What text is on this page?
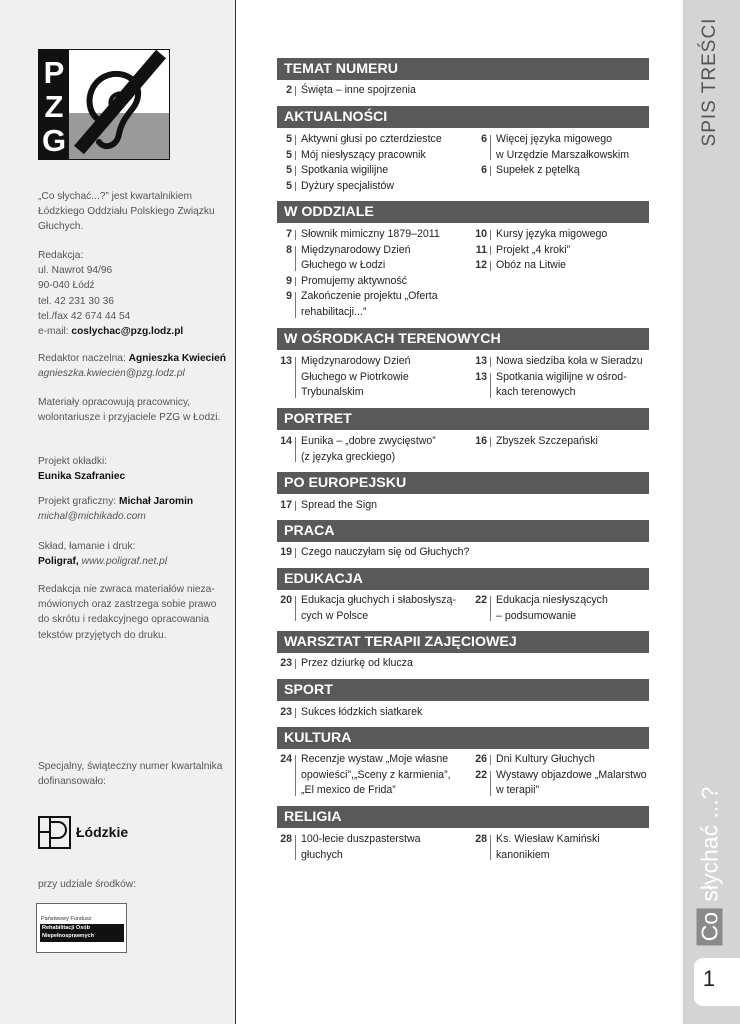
P
Z
G
„Co słychać...?” jest kwartalnikiem Łódzkiego Oddziału Polskiego Związku Głuchych.
Redakcja:
ul. Nawrot 94/96
90-040 Łódź
tel. 42 231 30 36
tel./fax 42 674 44 54
e-mail: coslychac@pzg.lodz.pl
Redaktor naczelna: Agnieszka Kwiecień
agnieszka.kwiecien@pzg.lodz.pl
Materiały opracowują pracownicy, wolontariusze i przyjaciele PZG w Łodzi.
Projekt okładki:
Eunika Szafraniec
Projekt graficzny: Michał Jaromin
michal@michikado.com
Skład, łamanie i druk:
Poligraf, www.poligraf.net.pl
Redakcja nie zwraca materiałów nieza-mówionych oraz zastrzega sobie prawo do skrótu i redakcyjnego opracowania tekstów przyjętych do druku.
Specjalny, świąteczny numer kwartalnika dofinansowało:
Łódzkie
przy udziale środków:
Państwowy Fundusz
Rehabilitacji Osób
Niepełnosprawnych
SPIS TREŚCI
Co słychać ...?
1
TEMAT NUMERU
2 Święta – inne spojrzenia
AKTUALNOŚCI
5 Aktywni głusi po czterdziestce
5 Mój niesłyszący pracownik
5 Spotkania wigilijne
5 Dyżury specjalistów
6 Więcej języka migowego
w Urzędzie Marszałkowskim
6 Supełek z pętelką
W ODDZIALE
7 Słownik mimiczny 1879–2011
8 Międzynarodowy Dzień
Głuchego w Łodzi
9 Promujemy aktywność
9 Zakończenie projektu „Oferta
rehabilitacji...”
10 Kursy języka migowego
11 Projekt „4 kroki”
12 Obóz na Litwie
W OŚRODKACH TERENOWYCH
13 Międzynarodowy Dzień
Głuchego w Piotrkowie
Trybunalskim
13 Nowa siedziba koła w Sieradzu
13 Spotkania wigilijne w ośrod-
kach terenowych
PORTRET
14 Eunika – „dobre zwycięstwo”
(z języka greckiego)
16 Zbyszek Szczepański
PO EUROPEJSKU
17 Spread the Sign
PRACA
19 Czego nauczyłam się od Głuchych?
EDUKACJA
20 Edukacja głuchych i słabosłyszą-
cych w Polsce
22 Edukacja niesłyszących
– podsumowanie
WARSZTAT TERAPII ZAJĘCIOWEJ
23 Przez dziurkę od klucza
SPORT
23 Sukces łódzkich siatkarek
KULTURA
24 Recenzje wystaw „Moje własne
opowieści”,„Sceny z karmienia”,
„El mexico de Frida”
26 Dni Kultury Głuchych
22 Wystawy objazdowe „Malarstwo
w terapii”
RELIGIA
28 100-lecie duszpasterstwa
głuchych
28 Ks. Wiesław Kamiński
kanonikiem
